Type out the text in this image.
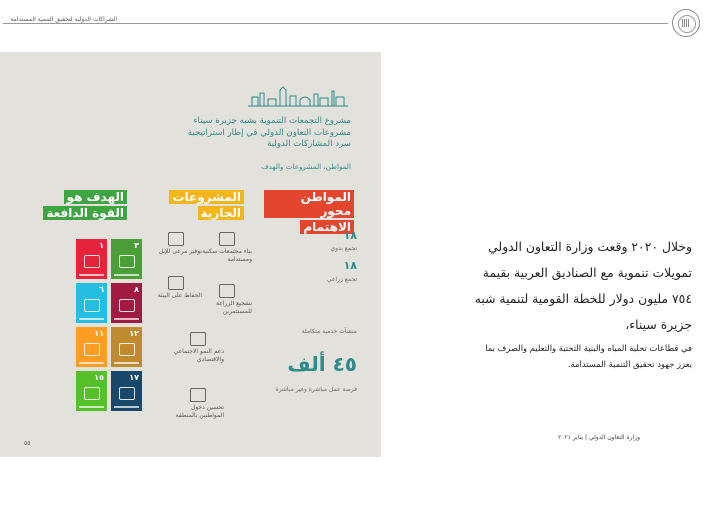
الشراكات الدولية لتحقيق التنمية المستدامة
مشروع التجمعات التنموية بشبه جزيرة سيناء
مشروعات التعاون الدولي في إطار استراتيجية
سرد المشاركات الدولية
المواطن، المشروعات والهدف
المواطن محور
الاهتمام
المشروعات
الجارية
الهدف هو
القوة الدافعة
١٨
تجمع بدوي
١٨
تجمع زراعي
منشآت خدمية متكاملة
٤٥ ألف
فرصة عمل مباشرة وغير مباشرة
بناء مجتمعات سكنية ومستدامة
توفير مرعى للإبل
تشجيع الزراعة للمستثمرين
الحفاظ على البيئة
دعم النمو الاجتماعي والاقتصادي
تحسين دخول المواطنين بالمنطقة
٣
١
٨
٦
١٢
١١
١٧
١٥
وخلال ٢٠٢٠ وقعت وزارة التعاون الدولي
تمويلات تنموية مع الصناديق العربية بقيمة
٧٥٤ مليون دولار للخطة القومية لتنمية شبه
جزيرة سيناء،
في قطاعات تحلية المياه والبنية التحتية والتعليم والصرف بما
يعزز جهود تحقيق التنمية المستدامة.
٥٥
وزارة التعاون الدولي | يناير ٢٠٢١
